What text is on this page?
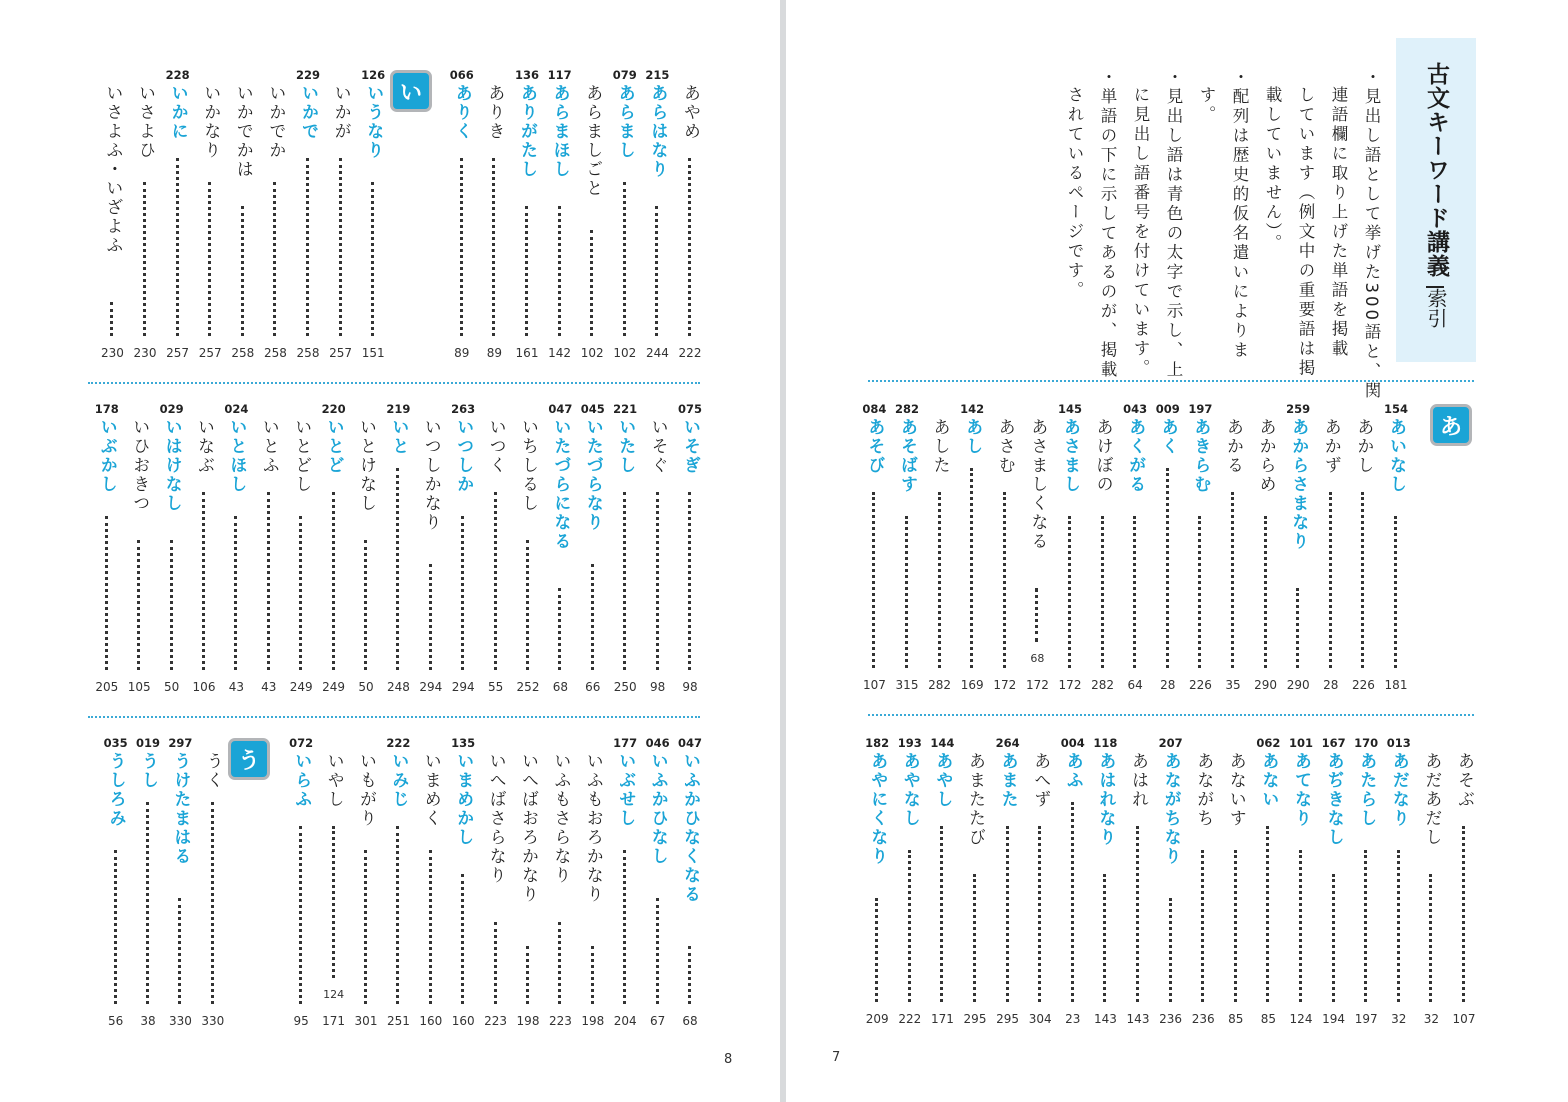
あやめ
222
215
あらはなり
244
079
あらまし
102
あらましごと
102
117
あらまほし
142
136
ありがたし
161
ありき
89
066
ありく
89
126
いうなり
151
いかが
257
229
いかで
258
いかでか
258
いかでかは
258
いかなり
257
228
いかに
257
いさよひ
230
いさよふ・いざよふ
230
い
075
いそぎ
98
いそぐ
98
221
いたし
250
045
いたづらなり
66
047
いたづらになる
68
いちしるし
252
いつく
55
263
いつしか
294
いつしかなり
294
219
いと
248
いとけなし
50
220
いとど
249
いとどし
249
いとふ
43
024
いとほし
43
いなぶ
106
029
いはけなし
50
いひおきつ
105
178
いぶかし
205
047
いふかひなくなる
68
046
いふかひなし
67
177
いぶせし
204
いふもおろかなり
198
いふもさらなり
223
いへばおろかなり
198
いへばさらなり
223
135
いまめかし
160
いまめく
160
222
いみじ
251
いもがり
301
いやし
124
171
072
いらふ
95
うく
330
297
うけたまはる
330
019
うし
38
035
うしろみ
56
う
8
古文キーワード講義
索引
・見出し語として挙げた300語と、関
連語欄に取り上げた単語を掲載
しています（例文中の重要語は掲
載していません）。
・配列は歴史的仮名遣いによりま
す。
・見出し語は青色の太字で示し、上
に見出し語番号を付けています。
・単語の下に示してあるのが、掲載
されているページです。
あ
154
あいなし
181
あかし
226
あかず
28
259
あからさまなり
290
あからめ
290
あかる
35
197
あきらむ
226
009
あく
28
043
あくがる
64
あけぼの
282
145
あさまし
172
あさましくなる
68
172
あさむ
172
142
あし
169
あした
282
282
あそばす
315
084
あそび
107
あそぶ
107
あだあだし
32
013
あだなり
32
170
あたらし
197
167
あぢきなし
194
101
あてなり
124
062
あない
85
あないす
85
あながち
236
207
あながちなり
236
あはれ
143
118
あはれなり
143
004
あふ
23
あへず
304
264
あまた
295
あまたたび
295
144
あやし
171
193
あやなし
222
182
あやにくなり
209
7
